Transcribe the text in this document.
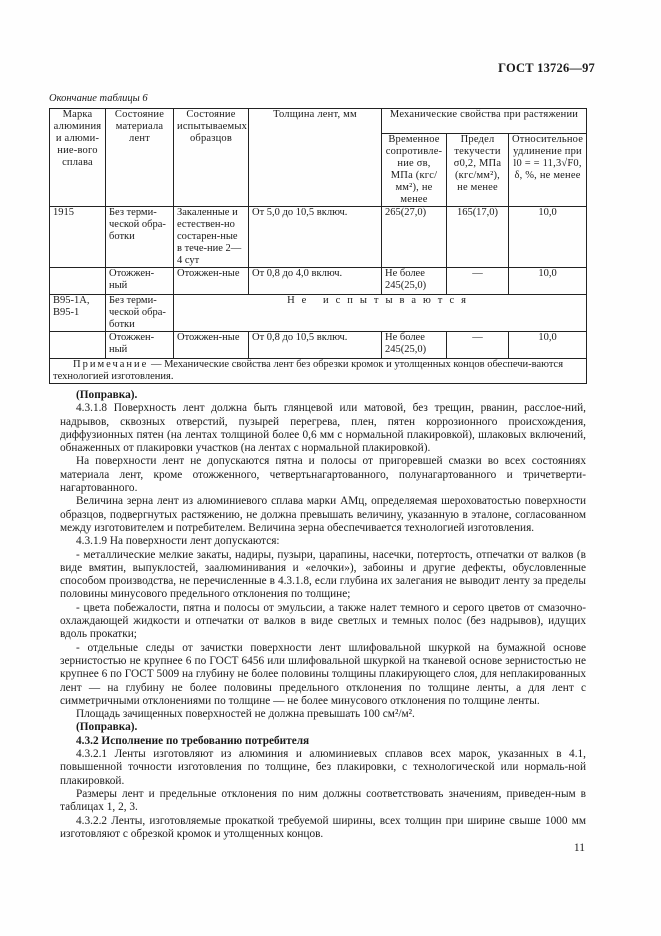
ГОСТ 13726—97
Окончание таблицы 6
Марка алюминия и алюми-ние-вого сплава	Состояние материала лент	Состояние испытываемых образцов	Толщина лент, мм	Механические свойства при растяжении		
				Временное сопротивле-ние σв, МПа (кгс/мм²), не менее	Предел текучести σ0,2, МПа (кгс/мм²), не менее	Относительное удлинение при l0 = = 11,3√F0, δ, %, не менее
1915	Без терми-ческой обра-ботки	Закаленные и естествен-но состарен-ные в тече-ние 2—4 сут	От 5,0 до 10,5 включ.	265(27,0)	165(17,0)	10,0
	Отожжен-ный	Отожжен-ные	От 0,8 до 4,0 включ.	Не более 245(25,0)	—	10,0
В95-1А, В95-1	Без терми-ческой обра-ботки	Не испытываются				
	Отожжен-ный	Отожжен-ные	От 0,8 до 10,5 включ.	Не более 245(25,0)	—	10,0
Примечание — Механические свойства лент без обрезки кромок и утолщенных концов обеспечи-ваются технологией изготовления.						

(Поправка).

4.3.1.8 Поверхность лент должна быть глянцевой или матовой, без трещин, рванин, расслое-ний, надрывов, сквозных отверстий, пузырей перегрева, плен, пятен коррозионного происхождения, диффузионных пятен (на лентах толщиной более 0,6 мм с нормальной плакировкой), шлаковых включений, обнаженных от плакировки участков (на лентах с нормальной плакировкой).

На поверхности лент не допускаются пятна и полосы от пригоревшей смазки во всех состояниях материала лент, кроме отожженного, четвертьнагартованного, полунагартованного и тричетверти-нагартованного.

Величина зерна лент из алюминиевого сплава марки АМц, определяемая шероховатостью поверхности образцов, подвергнутых растяжению, не должна превышать величину, указанную в эталоне, согласованном между изготовителем и потребителем. Величина зерна обеспечивается технологией изготовления.

4.3.1.9 На поверхности лент допускаются:

- металлические мелкие закаты, надиры, пузыри, царапины, насечки, потертость, отпечатки от валков (в виде вмятин, выпуклостей, заалюминивания и «елочки»), забоины и другие дефекты, обусловленные способом производства, не перечисленные в 4.3.1.8, если глубина их залегания не выводит ленту за пределы половины минусового предельного отклонения по толщине;

- цвета побежалости, пятна и полосы от эмульсии, а также налет темного и серого цветов от смазочно-охлаждающей жидкости и отпечатки от валков в виде светлых и темных полос (без надрывов), идущих вдоль прокатки;

- отдельные следы от зачистки поверхности лент шлифовальной шкуркой на бумажной основе зернистостью не крупнее 6 по ГОСТ 6456 или шлифовальной шкуркой на тканевой основе зернистостью не крупнее 6 по ГОСТ 5009 на глубину не более половины толщины плакирующего слоя, для неплакированных лент — на глубину не более половины предельного отклонения по толщине ленты, а для лент с симметричными отклонениями по толщине — не более минусового отклонения по толщине ленты.

Площадь зачищенных поверхностей не должна превышать 100 см²/м².

(Поправка).

4.3.2 Исполнение по требованию потребителя

4.3.2.1 Ленты изготовляют из алюминия и алюминиевых сплавов всех марок, указанных в 4.1, повышенной точности изготовления по толщине, без плакировки, с технологической или нормаль-ной плакировкой.

Размеры лент и предельные отклонения по ним должны соответствовать значениям, приведен-ным в таблицах 1, 2, 3.

4.3.2.2 Ленты, изготовляемые прокаткой требуемой ширины, всех толщин при ширине свыше 1000 мм изготовляют с обрезкой кромок и утолщенных концов.

11
